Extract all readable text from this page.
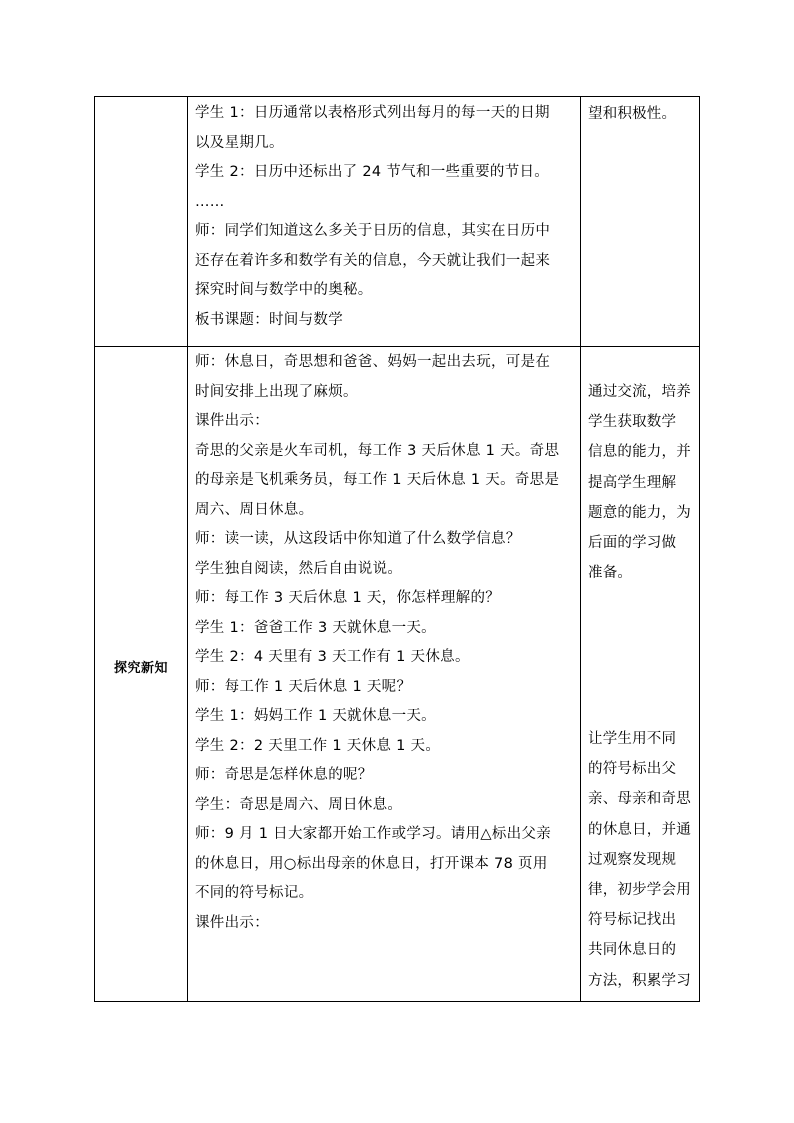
学生 1：日历通常以表格形式列出每月的每一天的日期
以及星期几。
学生 2：日历中还标出了 24 节气和一些重要的节日。
……
师：同学们知道这么多关于日历的信息，其实在日历中
还存在着许多和数学有关的信息，今天就让我们一起来
探究时间与数学中的奥秘。
板书课题：时间与数学
望和积极性。
探究新知
师：休息日，奇思想和爸爸、妈妈一起出去玩，可是在
时间安排上出现了麻烦。
课件出示：
奇思的父亲是火车司机，每工作 3 天后休息 1 天。奇思
的母亲是飞机乘务员，每工作 1 天后休息 1 天。奇思是
周六、周日休息。
师：读一读，从这段话中你知道了什么数学信息？
学生独自阅读，然后自由说说。
师：每工作 3 天后休息 1 天，你怎样理解的？
学生 1：爸爸工作 3 天就休息一天。
学生 2：4 天里有 3 天工作有 1 天休息。
师：每工作 1 天后休息 1 天呢？
学生 1：妈妈工作 1 天就休息一天。
学生 2：2 天里工作 1 天休息 1 天。
师：奇思是怎样休息的呢？
学生：奇思是周六、周日休息。
师：9 月 1 日大家都开始工作或学习。请用△标出父亲
的休息日，用○标出母亲的休息日，打开课本 78 页用
不同的符号标记。
课件出示：
通过交流，培养
学生获取数学
信息的能力，并
提高学生理解
题意的能力，为
后面的学习做
准备。
让学生用不同
的符号标出父
亲、母亲和奇思
的休息日，并通
过观察发现规
律，初步学会用
符号标记找出
共同休息日的
方法，积累学习
